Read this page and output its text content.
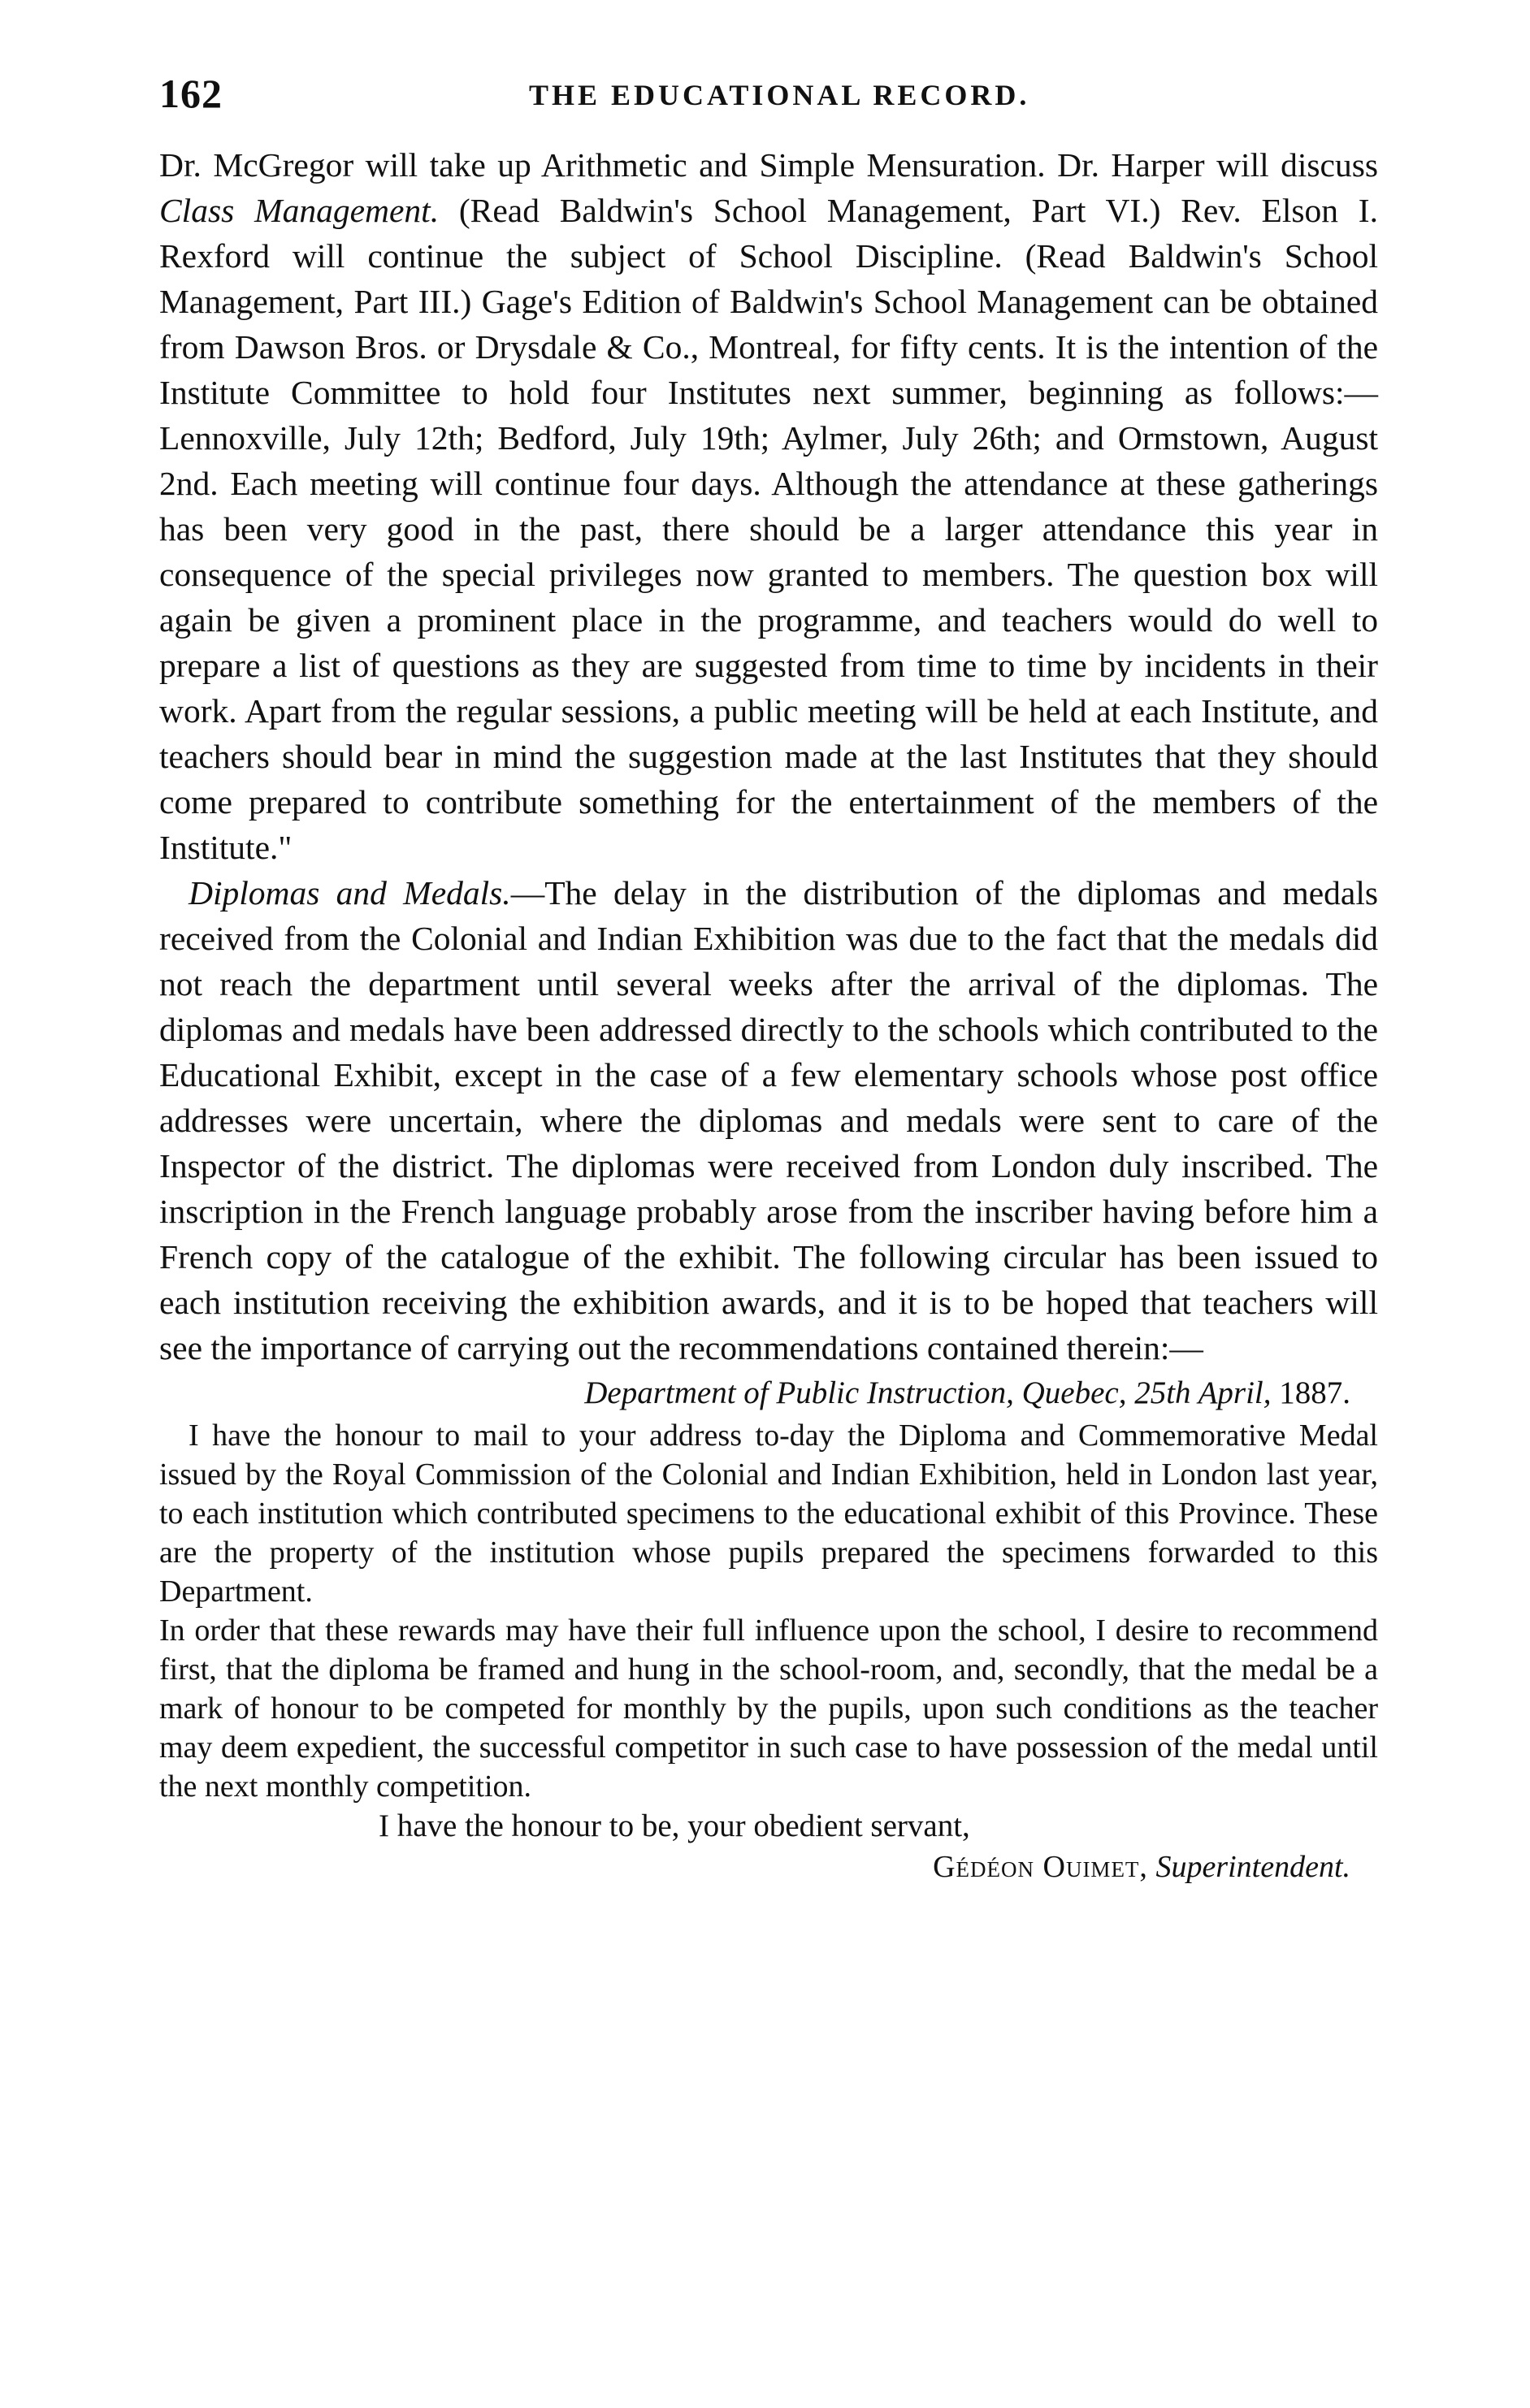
162	THE EDUCATIONAL RECORD.

Dr. McGregor will take up Arithmetic and Simple Mensuration. Dr. Harper will discuss Class Management. (Read Baldwin's School Management, Part VI.) Rev. Elson I. Rexford will continue the subject of School Discipline. (Read Baldwin's School Management, Part III.) Gage's Edition of Baldwin's School Management can be obtained from Dawson Bros. or Drysdale & Co., Montreal, for fifty cents. It is the intention of the Institute Committee to hold four Institutes next summer, beginning as follows:—Lennoxville, July 12th; Bedford, July 19th; Aylmer, July 26th; and Ormstown, August 2nd. Each meeting will continue four days. Although the attendance at these gatherings has been very good in the past, there should be a larger attendance this year in consequence of the special privileges now granted to members. The question box will again be given a prominent place in the programme, and teachers would do well to prepare a list of questions as they are suggested from time to time by incidents in their work. Apart from the regular sessions, a public meeting will be held at each Institute, and teachers should bear in mind the suggestion made at the last Institutes that they should come prepared to contribute something for the entertainment of the members of the Institute."

Diplomas and Medals.—The delay in the distribution of the diplomas and medals received from the Colonial and Indian Exhibition was due to the fact that the medals did not reach the department until several weeks after the arrival of the diplomas. The diplomas and medals have been addressed directly to the schools which contributed to the Educational Exhibit, except in the case of a few elementary schools whose post office addresses were uncertain, where the diplomas and medals were sent to care of the Inspector of the district. The diplomas were received from London duly inscribed. The inscription in the French language probably arose from the inscriber having before him a French copy of the catalogue of the exhibit. The following circular has been issued to each institution receiving the exhibition awards, and it is to be hoped that teachers will see the importance of carrying out the recommendations contained therein:—

Department of Public Instruction, Quebec, 25th April, 1887.

I have the honour to mail to your address to-day the Diploma and Commemorative Medal issued by the Royal Commission of the Colonial and Indian Exhibition, held in London last year, to each institution which contributed specimens to the educational exhibit of this Province. These are the property of the institution whose pupils prepared the specimens forwarded to this Department.

In order that these rewards may have their full influence upon the school, I desire to recommend first, that the diploma be framed and hung in the school-room, and, secondly, that the medal be a mark of honour to be competed for monthly by the pupils, upon such conditions as the teacher may deem expedient, the successful competitor in such case to have possession of the medal until the next monthly competition.

I have the honour to be, your obedient servant,

Gédéon Ouimet, Superintendent.
